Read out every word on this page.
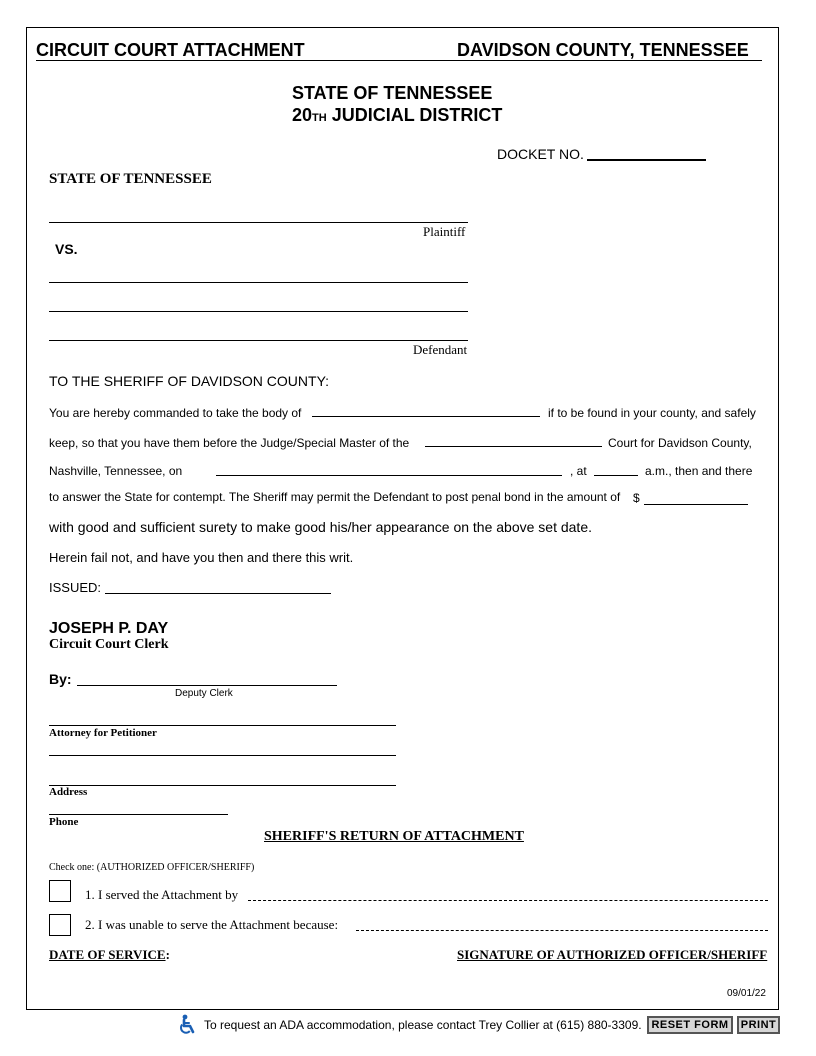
CIRCUIT COURT ATTACHMENT	DAVIDSON COUNTY, TENNESSEE
STATE OF TENNESSEE
20TH JUDICIAL DISTRICT
DOCKET NO.
STATE OF TENNESSEE
Plaintiff
VS.
Defendant
TO THE SHERIFF OF DAVIDSON COUNTY:
You are hereby commanded to take the body of	if to be found in your county, and safely
keep, so that you have them before the Judge/Special Master of the	Court for Davidson County,
Nashville, Tennessee, on	, at	a.m., then and there
to answer the State for contempt. The Sheriff may permit the Defendant to post penal bond in the amount of $
with good and sufficient surety to make good his/her appearance on the above set date.
Herein fail not, and have you then and there this writ.
ISSUED:
JOSEPH P. DAY
Circuit Court Clerk
By:
Deputy Clerk
Attorney for Petitioner
Address
Phone
SHERIFF'S RETURN OF ATTACHMENT
Check one: (AUTHORIZED OFFICER/SHERIFF)
1. I served the Attachment by
2. I was unable to serve the Attachment because:
DATE OF SERVICE:	SIGNATURE OF AUTHORIZED OFFICER/SHERIFF
09/01/22
To request an ADA accommodation, please contact Trey Collier at (615) 880-3309. RESET FORM	PRINT
